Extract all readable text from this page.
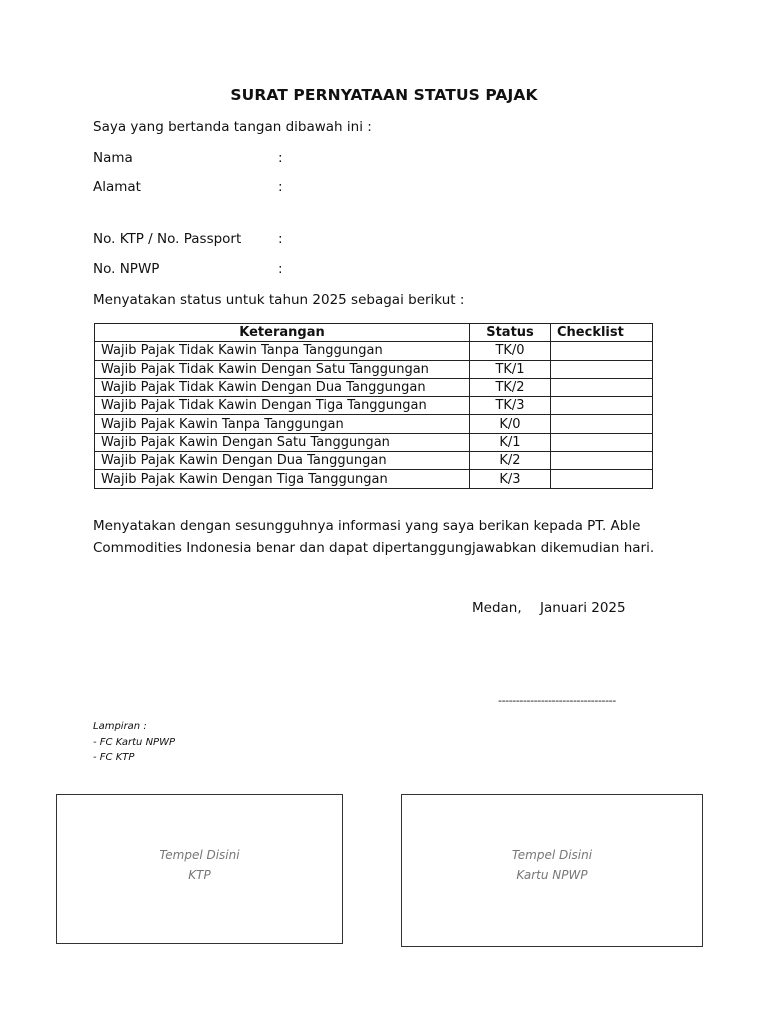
SURAT PERNYATAAN STATUS PAJAK
Saya yang bertanda tangan dibawah ini :
Nama	:
Alamat	:
No. KTP / No. Passport	:
No. NPWP	:
Menyatakan status untuk tahun 2025 sebagai berikut :
Keterangan	Status	Checklist
Wajib Pajak Tidak Kawin Tanpa Tanggungan	TK/0	
Wajib Pajak Tidak Kawin Dengan Satu Tanggungan	TK/1	
Wajib Pajak Tidak Kawin Dengan Dua Tanggungan	TK/2	
Wajib Pajak Tidak Kawin Dengan Tiga Tanggungan	TK/3	
Wajib Pajak Kawin Tanpa Tanggungan	K/0	
Wajib Pajak Kawin Dengan Satu Tanggungan	K/1	
Wajib Pajak Kawin Dengan Dua Tanggungan	K/2	
Wajib Pajak Kawin Dengan Tiga Tanggungan	K/3	
Menyatakan dengan sesungguhnya informasi yang saya berikan kepada PT. Able Commodities Indonesia benar dan dapat dipertanggungjawabkan dikemudian hari.
Medan, Januari 2025
---------------------------------
Lampiran :
- FC Kartu NPWP
- FC KTP
Tempel Disini
KTP
Tempel Disini
Kartu NPWP
